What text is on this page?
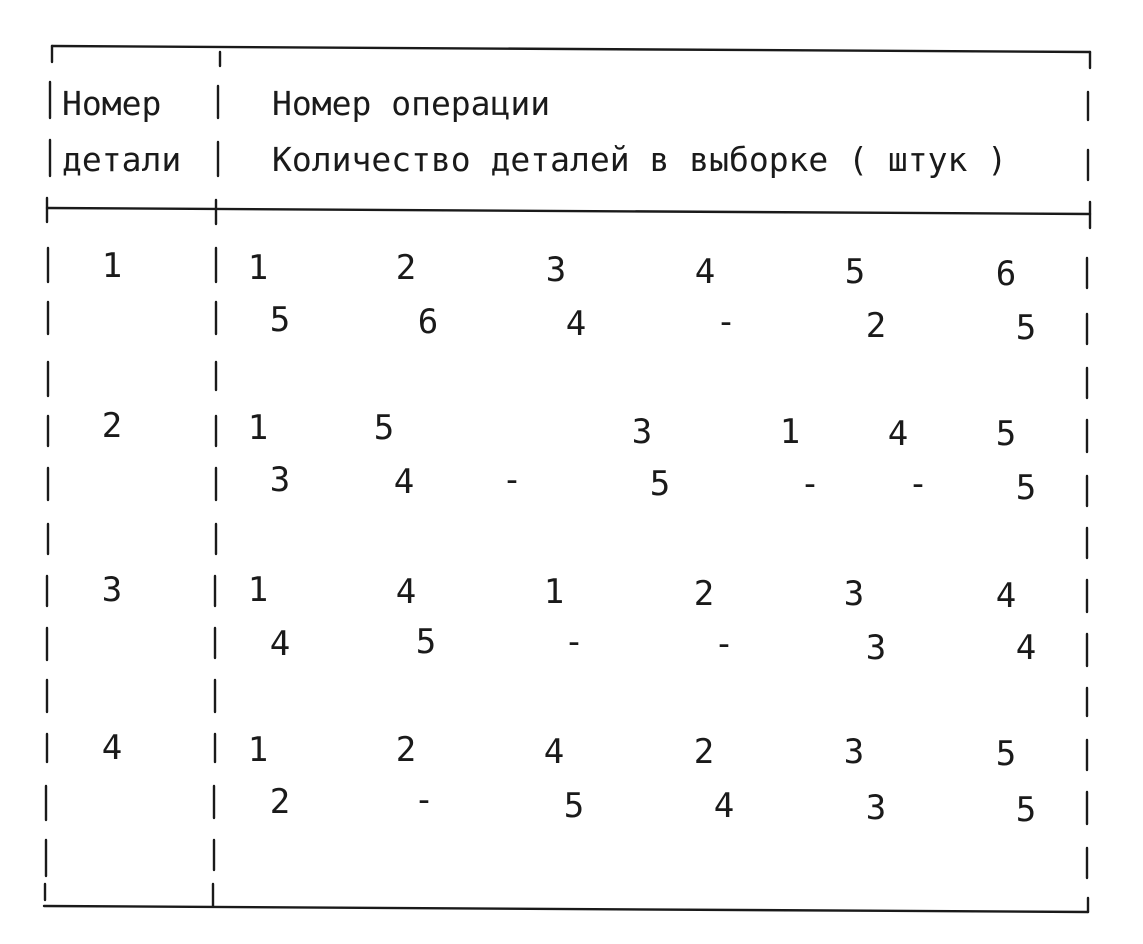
Номер
детали
Номер операции
Количество деталей в выборке ( штук )
1	1	2	3	4	5	6
5	6	4	-	2	5
2	1	5	3	1	4	5
3	4	-	5	-	-	5
3	1	4	1	2	3	4
4	5	-	-	3	4
4	1	2	4	2	3	5
2	-	5	4	3	5
